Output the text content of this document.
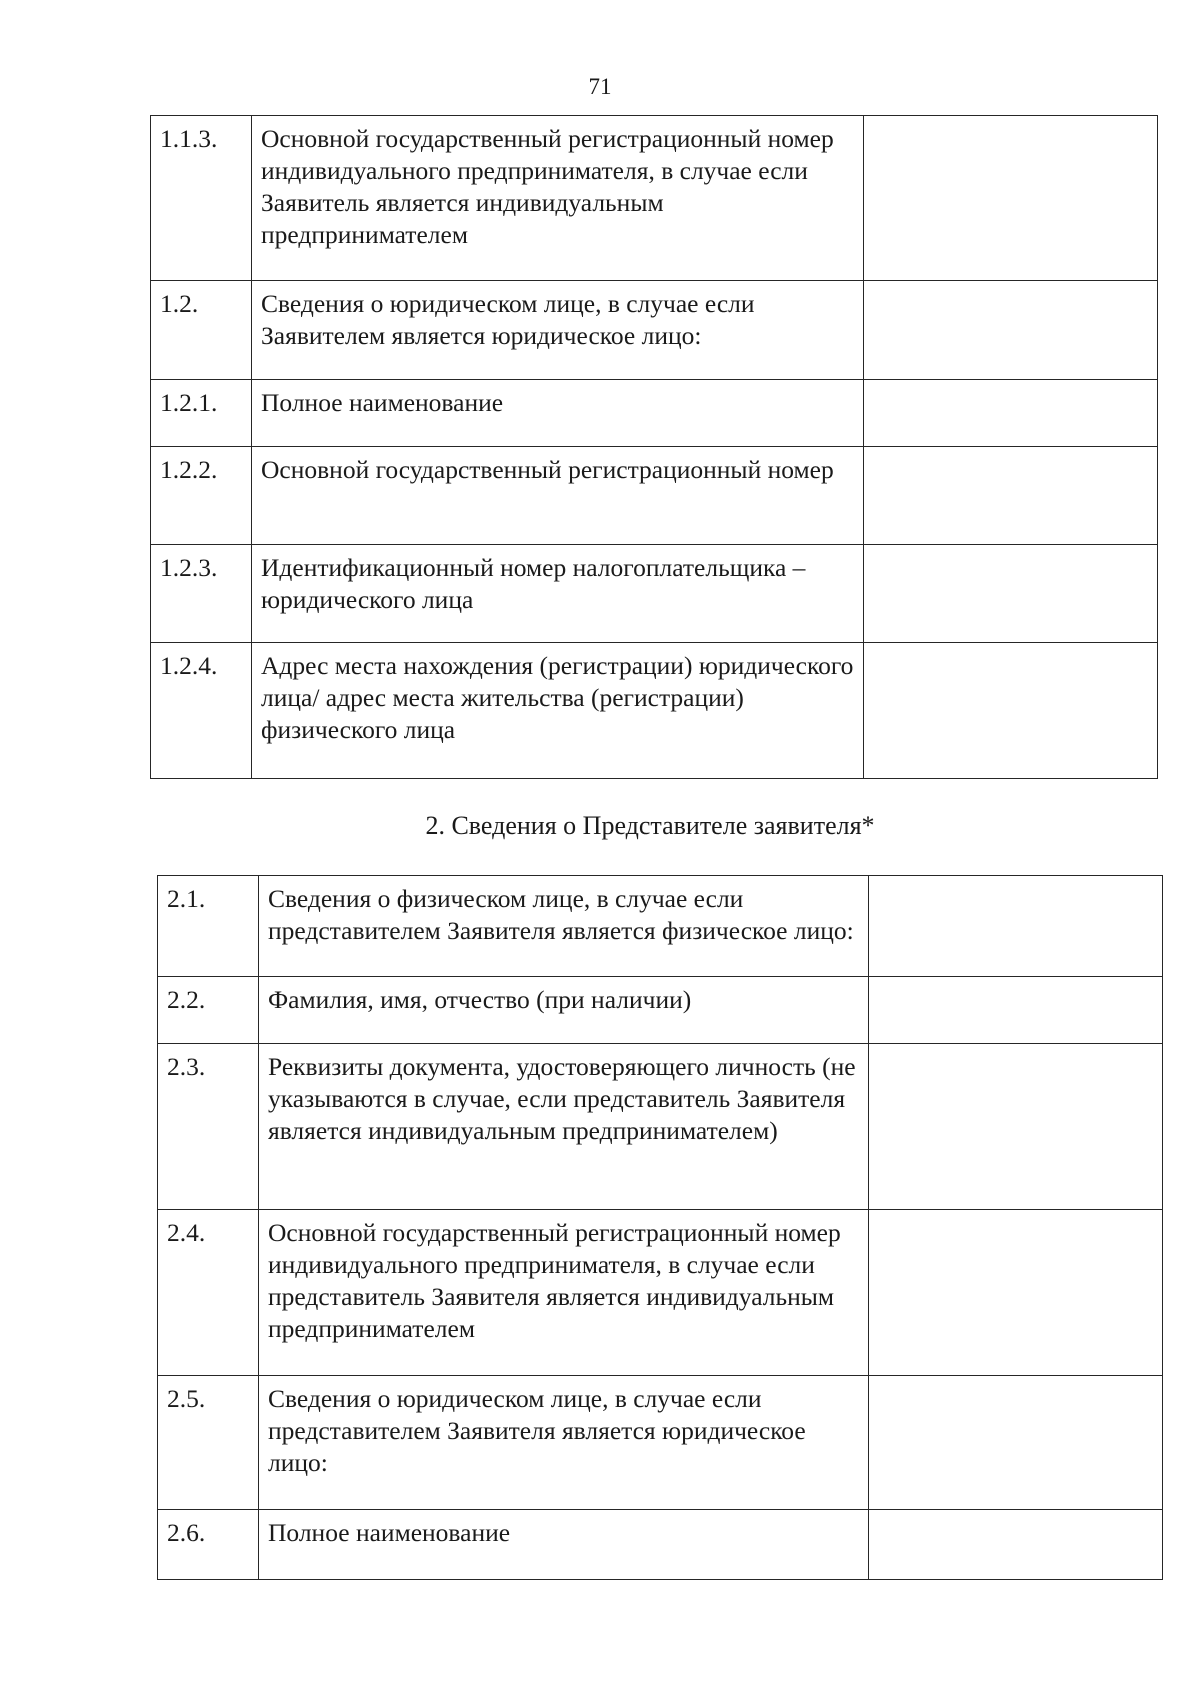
71
1.1.3.	Основной государственный регистрационный номер индивидуального предпринимателя, в случае если Заявитель является индивидуальным предпринимателем	
1.2.	Сведения о юридическом лице, в случае если Заявителем является юридическое лицо:	
1.2.1.	Полное наименование	
1.2.2.	Основной государственный регистрационный номер	
1.2.3.	Идентификационный номер налогоплательщика – юридического лица	
1.2.4.	Адрес места нахождения (регистрации) юридического лица/ адрес места жительства (регистрации) физического лица	
2. Сведения о Представителе заявителя*
2.1.	Сведения о физическом лице, в случае если представителем Заявителя является физическое лицо:	
2.2.	Фамилия, имя, отчество (при наличии)	
2.3.	Реквизиты документа, удостоверяющего личность (не указываются в случае, если представитель Заявителя является индивидуальным предпринимателем)	
2.4.	Основной государственный регистрационный номер индивидуального предпринимателя, в случае если представитель Заявителя является индивидуальным предпринимателем	
2.5.	Сведения о юридическом лице, в случае если представителем Заявителя является юридическое лицо:	
2.6.	Полное наименование	
